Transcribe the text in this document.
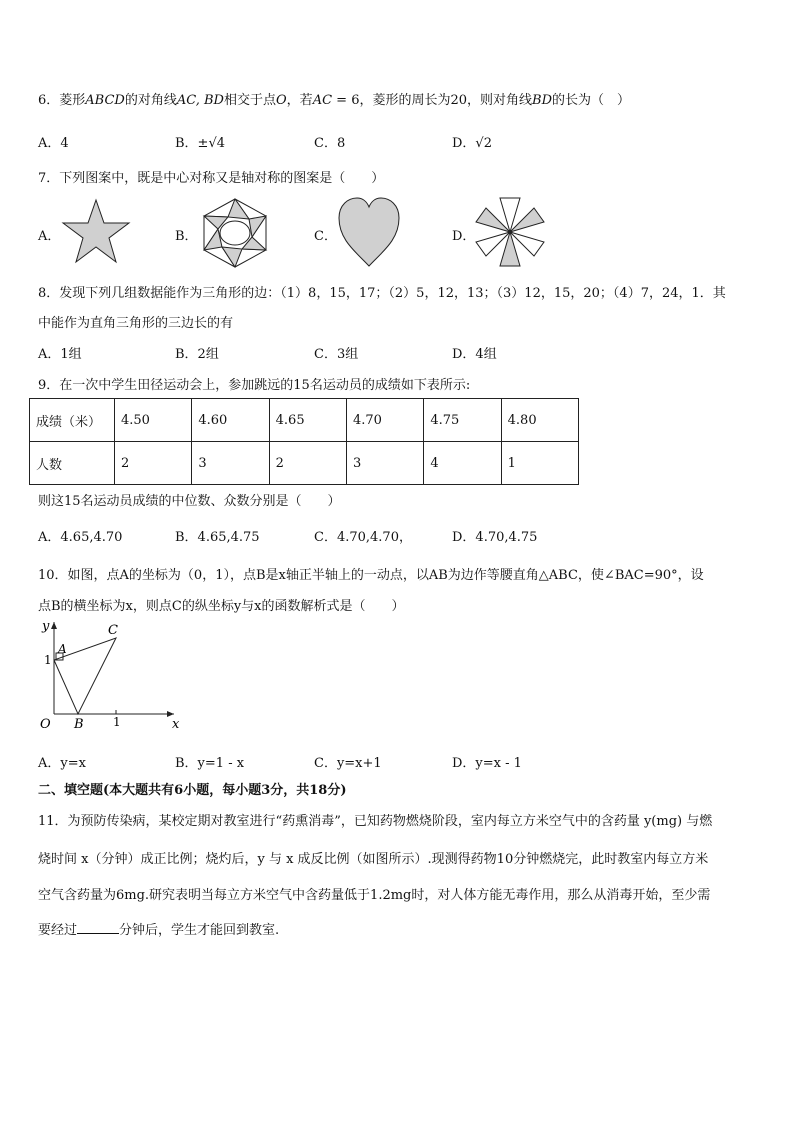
6．菱形ABCD的对角线AC, BD相交于点O，若AC = 6，菱形的周长为20，则对角线BD的长为（　）
A．4	B．±√4	C．8	D．√2
7．下列图案中，既是中心对称又是轴对称的图案是（　　）
A．	B．	C．	D．
8．发现下列几组数据能作为三角形的边：（1）8，15，17；（2）5，12，13；（3）12，15，20；（4）7，24，1．其
中能作为直角三角形的三边长的有
A．1组	B．2组	C．3组	D．4组
9．在一次中学生田径运动会上，参加跳远的15名运动员的成绩如下表所示:
成绩（米）	4.50	4.60	4.65	4.70	4.75	4.80
人数	2	3	2	3	4	1
则这15名运动员成绩的中位数、众数分别是（　　）
A．4.65,4.70	B．4.65,4.75	C．4.70,4.70，	D．4.70,4.75
10．如图，点A的坐标为（0，1），点B是x轴正半轴上的一动点，以AB为边作等腰直角△ABC，使∠BAC=90°，设
点B的横坐标为x，则点C的纵坐标y与x的函数解析式是（　　）
y	C
A
1
O B 1	x
A．y=x	B．y=1 - x	C．y=x+1	D．y=x - 1
二、填空题(本大题共有6小题，每小题3分，共18分)
11．为预防传染病，某校定期对教室进行“药熏消毒”，已知药物燃烧阶段，室内每立方米空气中的含药量 y(mg) 与燃
烧时间 x（分钟）成正比例；烧灼后，y 与 x 成反比例（如图所示）.现测得药物10分钟燃烧完，此时教室内每立方米
空气含药量为6mg.研究表明当每立方米空气中含药量低于1.2mg时，对人体方能无毒作用，那么从消毒开始，至少需
要经过	分钟后，学生才能回到教室.
